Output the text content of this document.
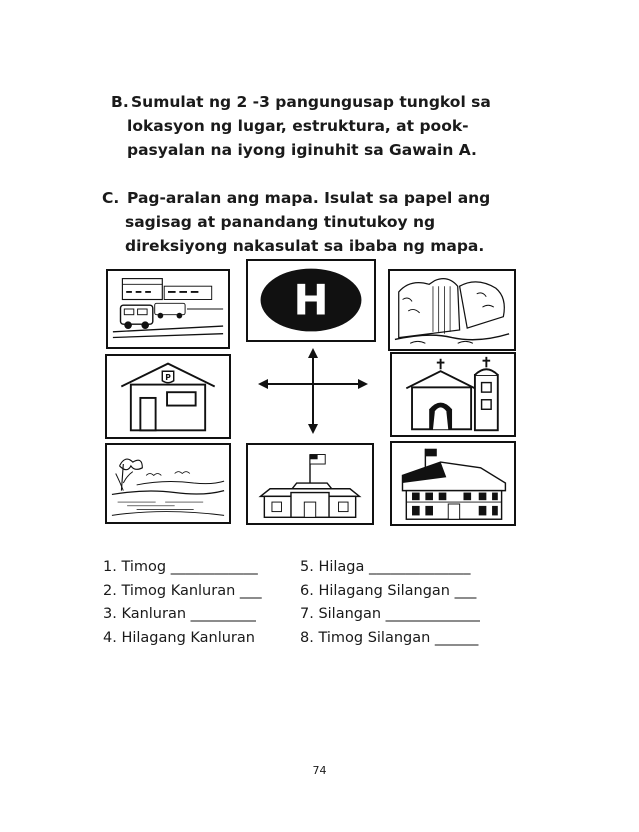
B. Sumulat ng 2 -3 pangungusap tungkol sa
lokasyon ng lugar, estruktura, at pook-
pasyalan na iyong iginuhit sa Gawain A.
C. Pag-aralan ang mapa. Isulat sa papel ang
sagisag at panandang tinutukoy ng
direksiyong nakasulat sa ibaba ng mapa.
H
P
1. Timog ____________
2. Timog Kanluran ___
3. Kanluran _________
4. Hilagang Kanluran
5. Hilaga ______________
6. Hilagang Silangan ___
7. Silangan _____________
8. Timog Silangan ______
74
